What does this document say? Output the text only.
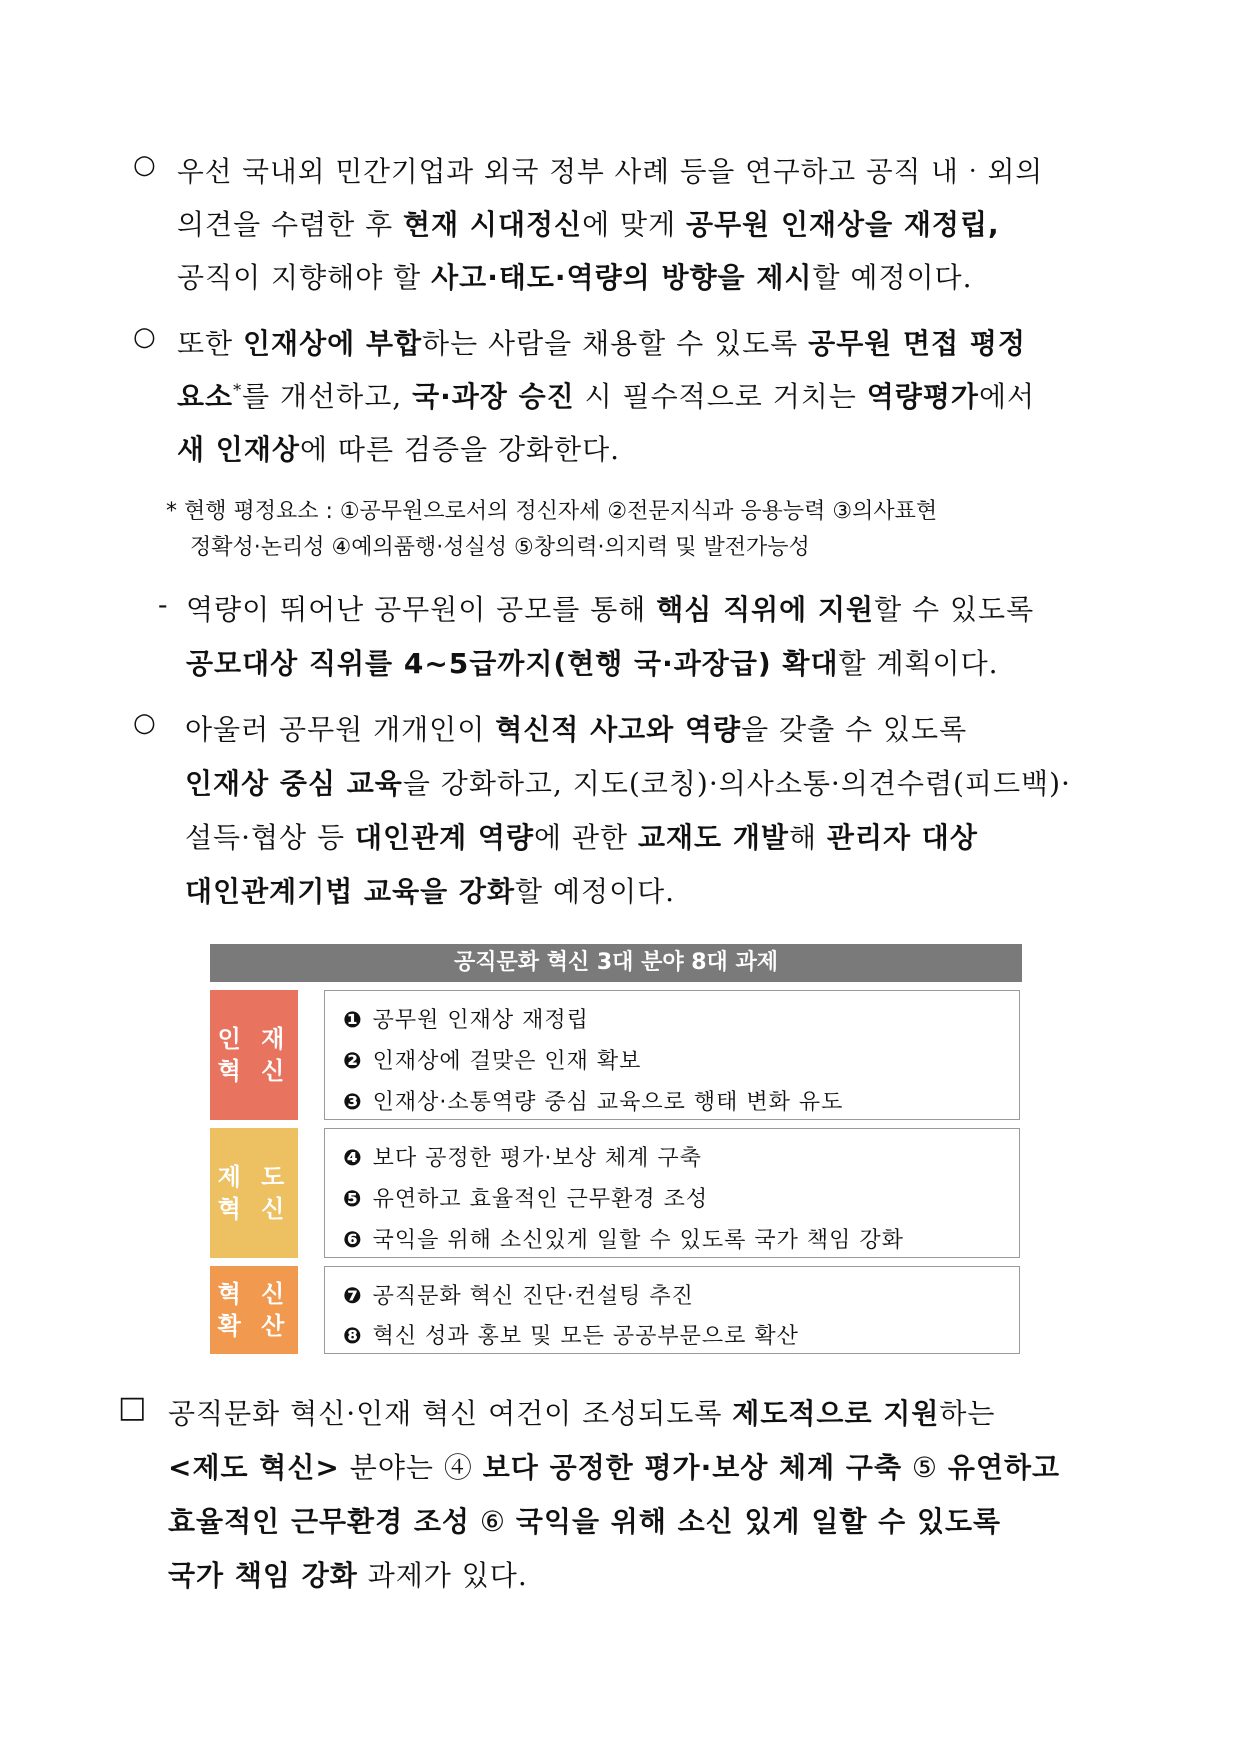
○ 우선 국내외 민간기업과 외국 정부 사례 등을 연구하고 공직 내‧외의
의견을 수렴한 후 현재 시대정신에 맞게 공무원 인재상을 재정립,
공직이 지향해야 할 사고·태도·역량의 방향을 제시할 예정이다.
○ 또한 인재상에 부합하는 사람을 채용할 수 있도록 공무원 면접 평정
요소*를 개선하고, 국·과장 승진 시 필수적으로 거치는 역량평가에서
새 인재상에 따른 검증을 강화한다.
* 현행 평정요소 : ①공무원으로서의 정신자세 ②전문지식과 응용능력 ③의사표현
정확성·논리성 ④예의품행·성실성 ⑤창의력·의지력 및 발전가능성
- 역량이 뛰어난 공무원이 공모를 통해 핵심 직위에 지원할 수 있도록
공모대상 직위를 4~5급까지(현행 국·과장급) 확대할 계획이다.
○ 아울러 공무원 개개인이 혁신적 사고와 역량을 갖출 수 있도록
인재상 중심 교육을 강화하고, 지도(코칭)·의사소통·의견수렴(피드백)·
설득·협상 등 대인관계 역량에 관한 교재도 개발해 관리자 대상
대인관계기법 교육을 강화할 예정이다.
공직문화 혁신 3대 분야 8대 과제
인 재
혁 신
❶ 공무원 인재상 재정립
❷ 인재상에 걸맞은 인재 확보
❸ 인재상·소통역량 중심 교육으로 행태 변화 유도
제 도
혁 신
❹ 보다 공정한 평가·보상 체계 구축
❺ 유연하고 효율적인 근무환경 조성
❻ 국익을 위해 소신있게 일할 수 있도록 국가 책임 강화
혁 신
확 산
❼ 공직문화 혁신 진단·컨설팅 추진
❽ 혁신 성과 홍보 및 모든 공공부문으로 확산
□ 공직문화 혁신·인재 혁신 여건이 조성되도록 제도적으로 지원하는
<제도 혁신> 분야는 ④ 보다 공정한 평가·보상 체계 구축 ⑤ 유연하고
효율적인 근무환경 조성 ⑥ 국익을 위해 소신 있게 일할 수 있도록
국가 책임 강화 과제가 있다.
